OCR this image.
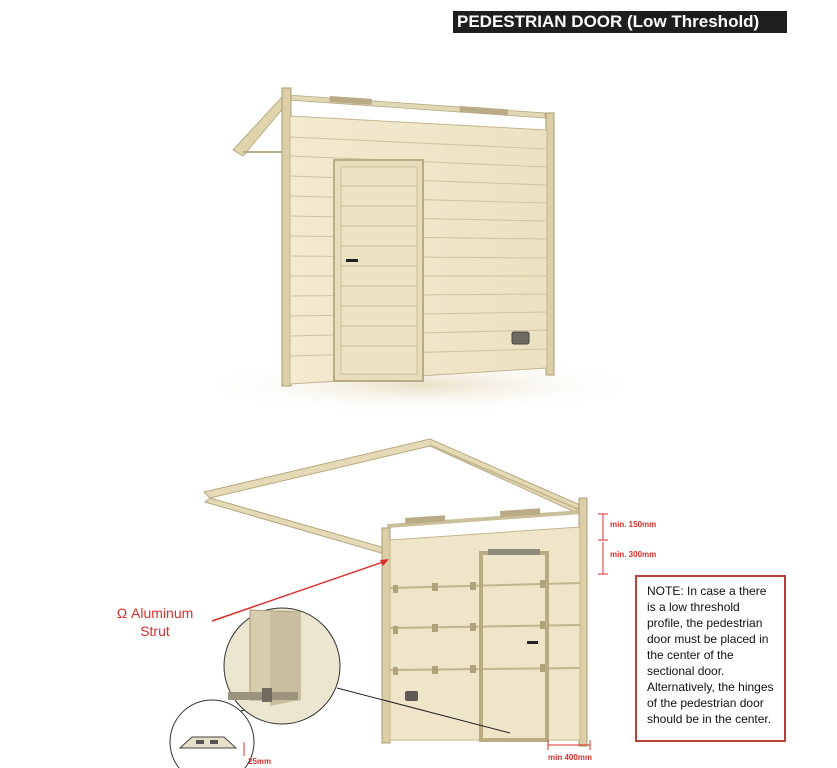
PEDESTRIAN DOOR (Low Threshold)
Ω Aluminum Strut
min. 150mm
min. 300mm
min 400mm
25mm
NOTE: In case a there is a low threshold profile, the pedestrian door must be placed in the center of the sectional door. Alternatively, the hinges of the pedestrian door should be in the center.
